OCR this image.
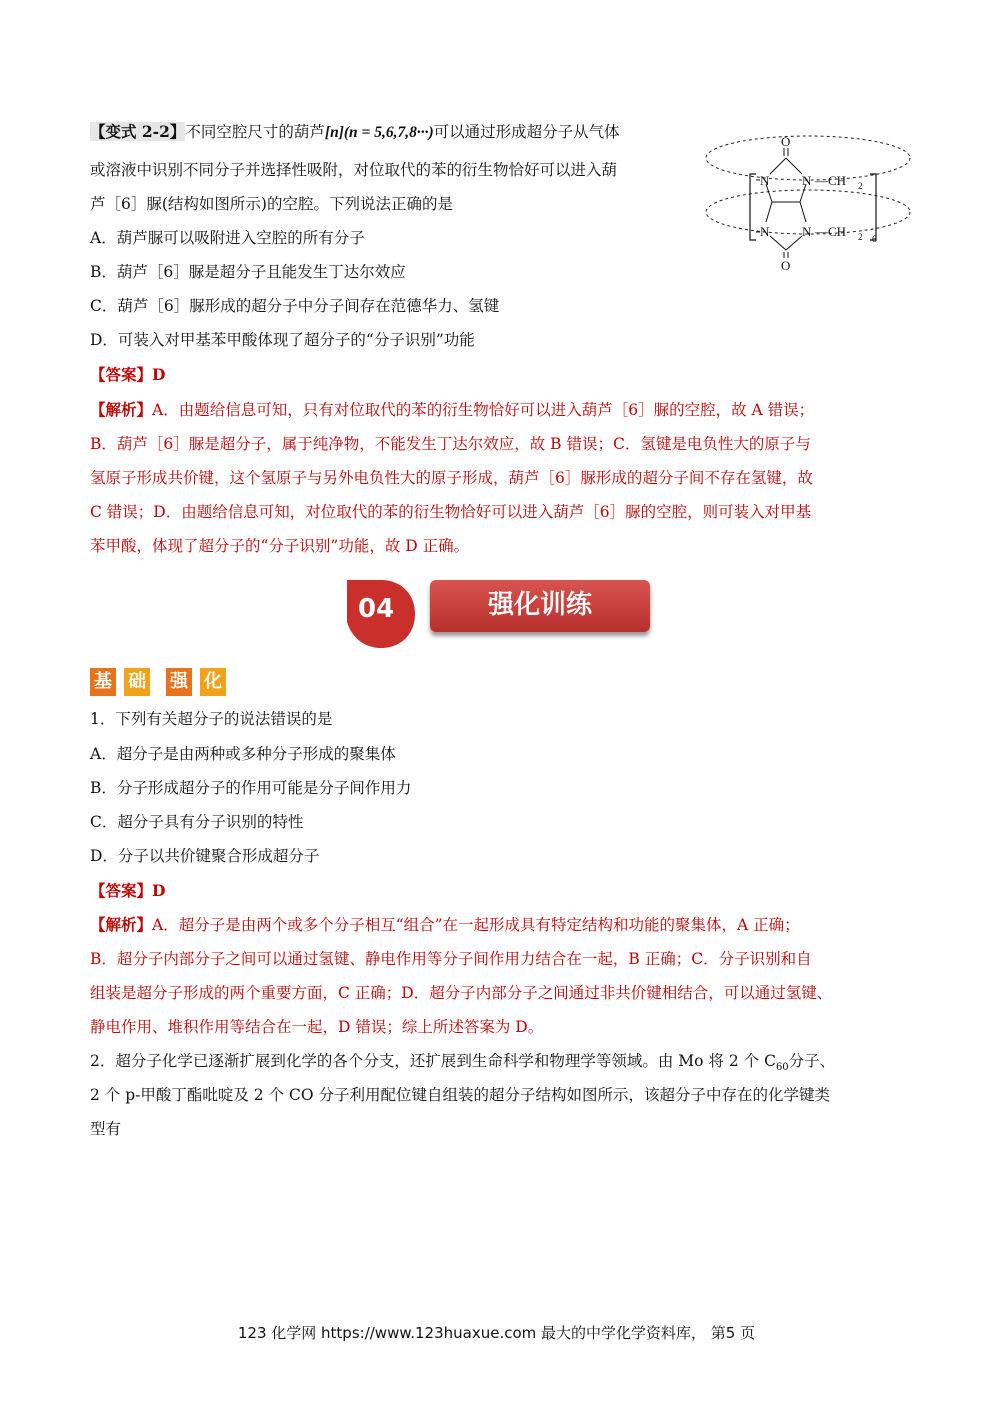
【变式 2-2】不同空腔尺寸的葫芦[n](n = 5,6,7,8···)可以通过形成超分子从气体
或溶液中识别不同分子并选择性吸附，对位取代的苯的衍生物恰好可以进入葫
芦［6］脲(结构如图所示)的空腔。下列说法正确的是
A．葫芦脲可以吸附进入空腔的所有分子
B．葫芦［6］脲是超分子且能发生丁达尔效应
C．葫芦［6］脲形成的超分子中分子间存在范德华力、氢键
D．可装入对甲基苯甲酸体现了超分子的“分子识别”功能
【答案】D
【解析】A．由题给信息可知，只有对位取代的苯的衍生物恰好可以进入葫芦［6］脲的空腔，故 A 错误；
B．葫芦［6］脲是超分子，属于纯净物，不能发生丁达尔效应，故 B 错误；C．氢键是电负性大的原子与
氢原子形成共价键，这个氢原子与另外电负性大的原子形成，葫芦［6］脲形成的超分子间不存在氢键，故
C 错误；D．由题给信息可知，对位取代的苯的衍生物恰好可以进入葫芦［6］脲的空腔，则可装入对甲基
苯甲酸，体现了超分子的“分子识别”功能，故 D 正确。
O
N	N —CH 2
N	N —CH 2 6
O
04	强化训练
基 础 强 化
1．下列有关超分子的说法错误的是
A．超分子是由两种或多种分子形成的聚集体
B．分子形成超分子的作用可能是分子间作用力
C．超分子具有分子识别的特性
D．分子以共价键聚合形成超分子
【答案】D
【解析】A．超分子是由两个或多个分子相互“组合”在一起形成具有特定结构和功能的聚集体，A 正确；
B．超分子内部分子之间可以通过氢键、静电作用等分子间作用力结合在一起，B 正确；C．分子识别和自
组装是超分子形成的两个重要方面，C 正确；D．超分子内部分子之间通过非共价键相结合，可以通过氢键、
静电作用、堆积作用等结合在一起，D 错误；综上所述答案为 D。
2．超分子化学已逐渐扩展到化学的各个分支，还扩展到生命科学和物理学等领域。由 Mo 将 2 个 $C_{60}$分子、
2 个 p-甲酸丁酯吡啶及 2 个 CO 分子利用配位键自组装的超分子结构如图所示，该超分子中存在的化学键类
型有
123 化学网 https://www.123huaxue.com 最大的中学化学资料库， 第5 页
